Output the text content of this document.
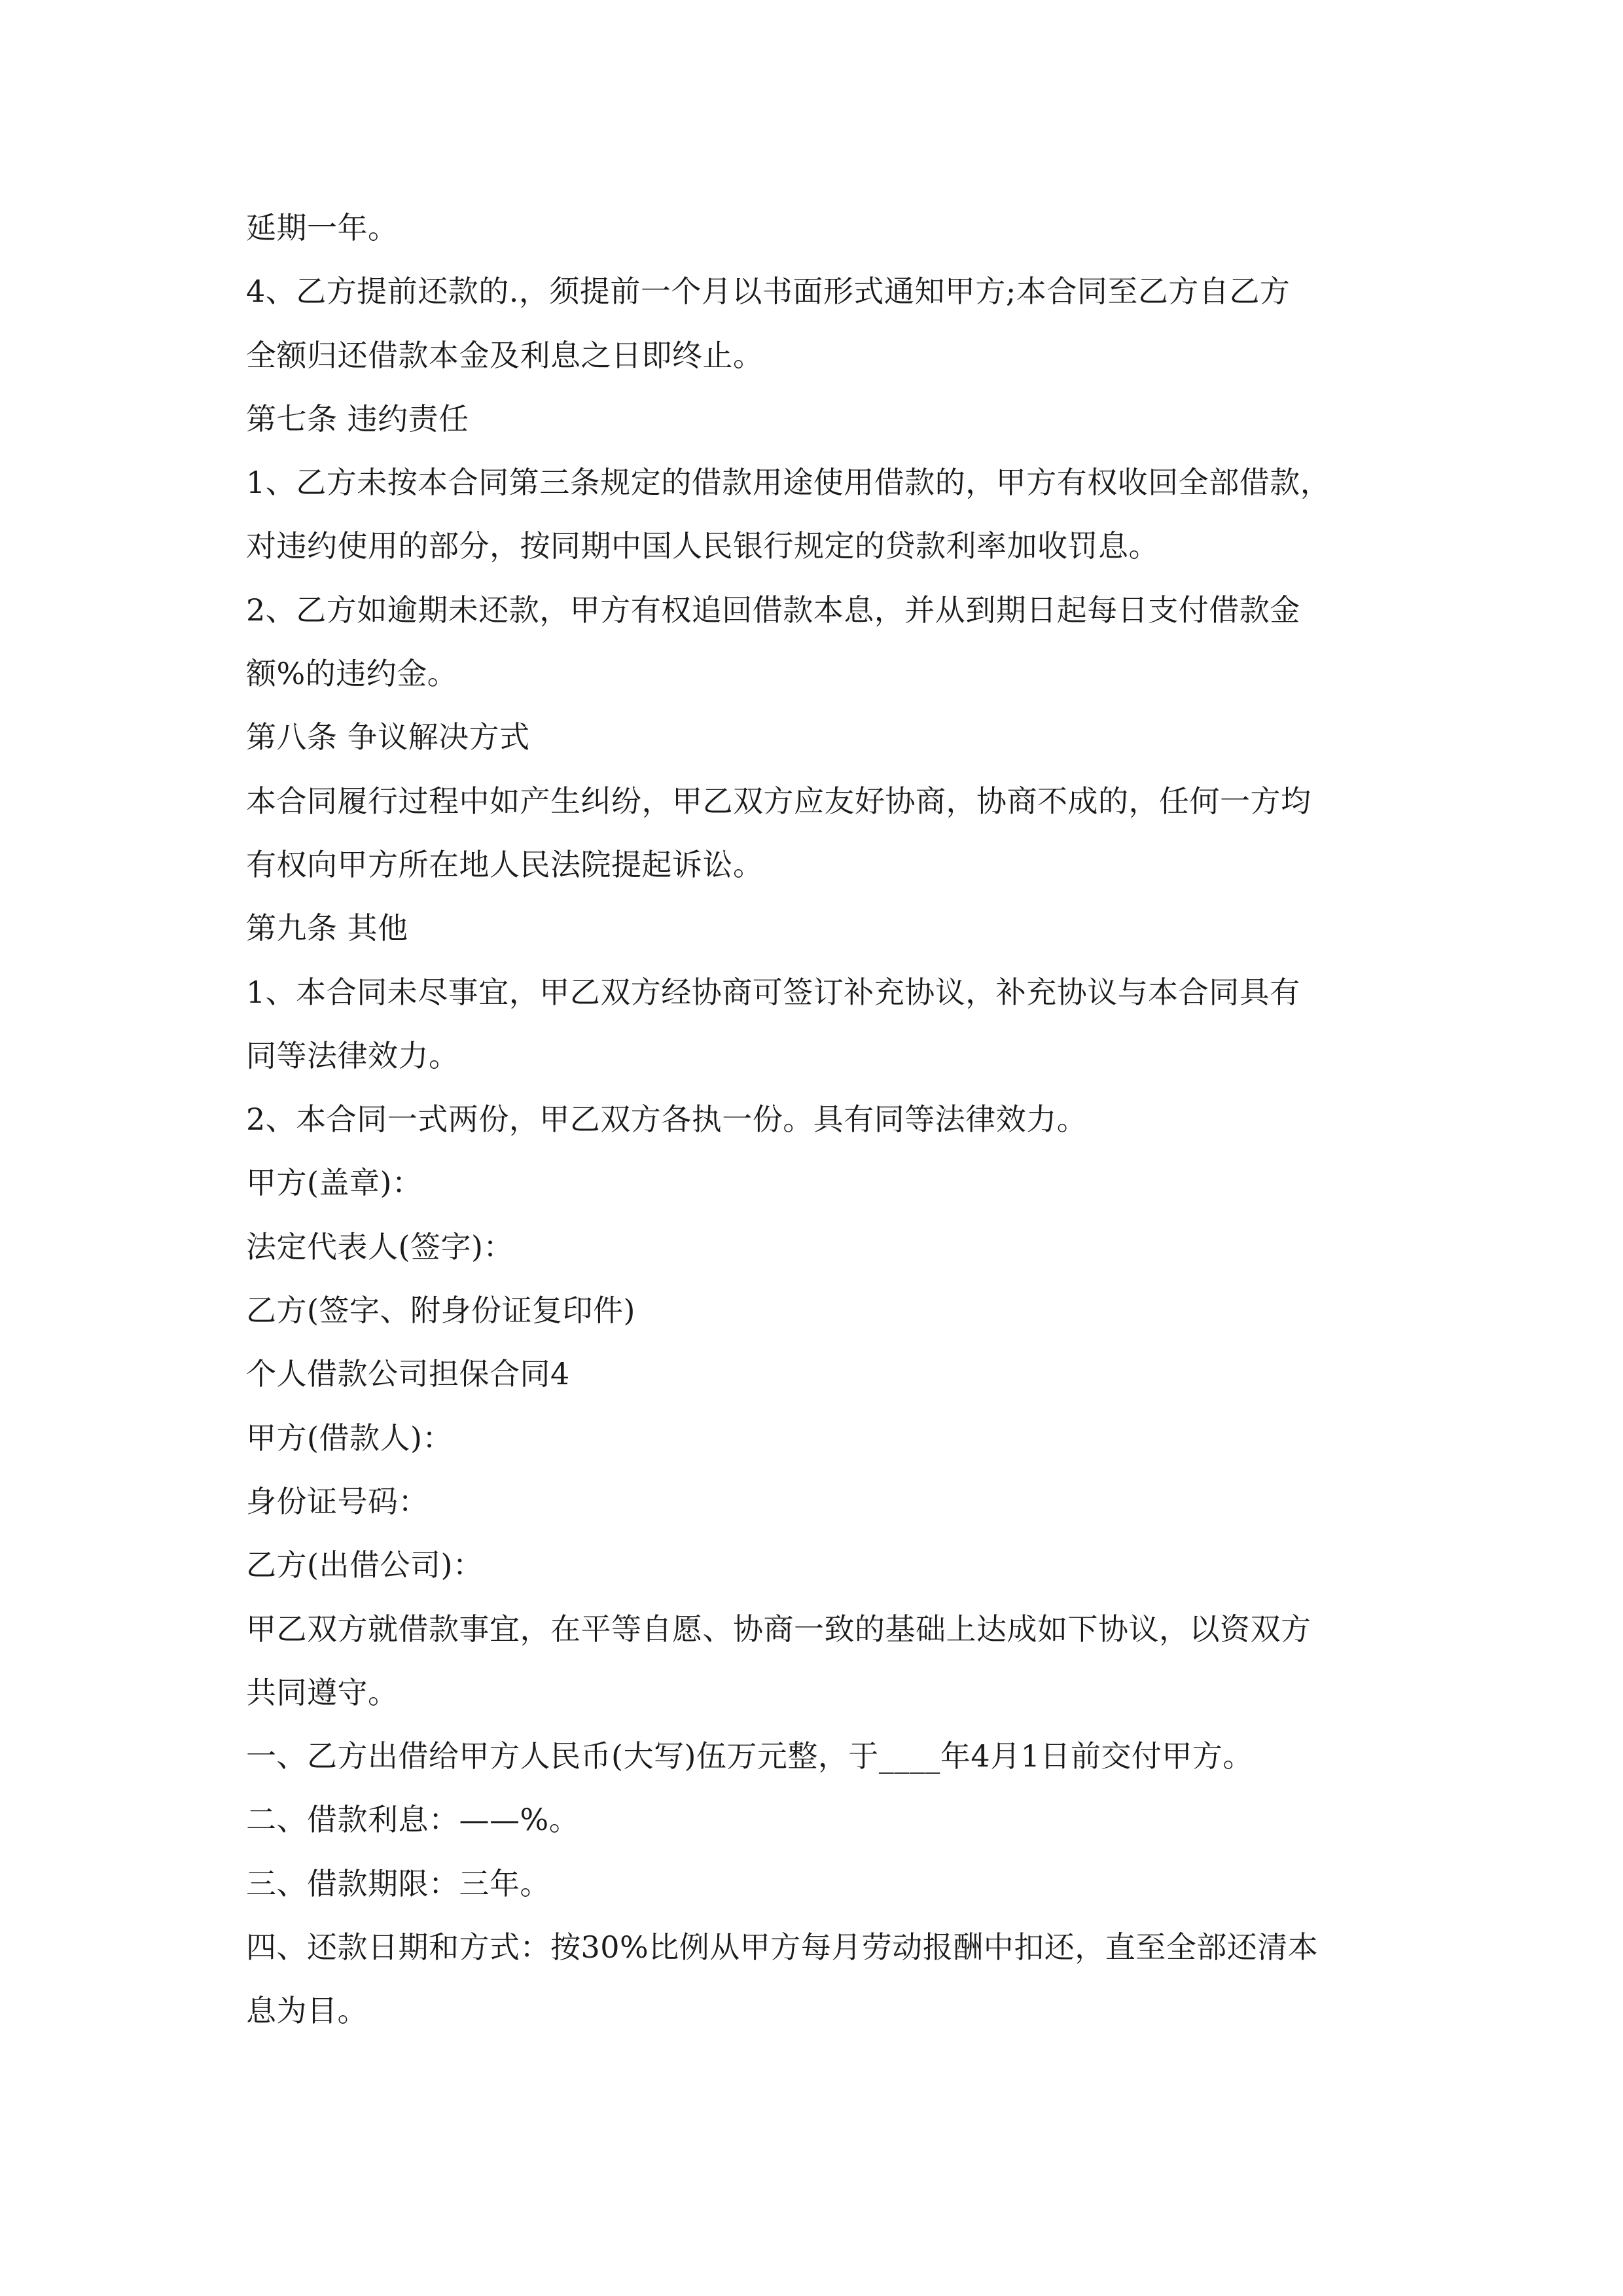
延期一年。
4、乙方提前还款的.，须提前一个月以书面形式通知甲方;本合同至乙方自乙方
全额归还借款本金及利息之日即终止。
第七条 违约责任
1、乙方未按本合同第三条规定的借款用途使用借款的，甲方有权收回全部借款，
对违约使用的部分，按同期中国人民银行规定的贷款利率加收罚息。
2、乙方如逾期未还款，甲方有权追回借款本息，并从到期日起每日支付借款金
额%的违约金。
第八条 争议解决方式
本合同履行过程中如产生纠纷，甲乙双方应友好协商，协商不成的，任何一方均
有权向甲方所在地人民法院提起诉讼。
第九条 其他
1、本合同未尽事宜，甲乙双方经协商可签订补充协议，补充协议与本合同具有
同等法律效力。
2、本合同一式两份，甲乙双方各执一份。具有同等法律效力。
甲方(盖章)：
法定代表人(签字)：
乙方(签字、附身份证复印件)
个人借款公司担保合同4
甲方(借款人)：
身份证号码：
乙方(出借公司)：
甲乙双方就借款事宜，在平等自愿、协商一致的基础上达成如下协议，以资双方
共同遵守。
一、乙方出借给甲方人民币(大写)伍万元整，于____年4月1日前交付甲方。
二、借款利息：——%。
三、借款期限：三年。
四、还款日期和方式：按30%比例从甲方每月劳动报酬中扣还，直至全部还清本
息为目。
